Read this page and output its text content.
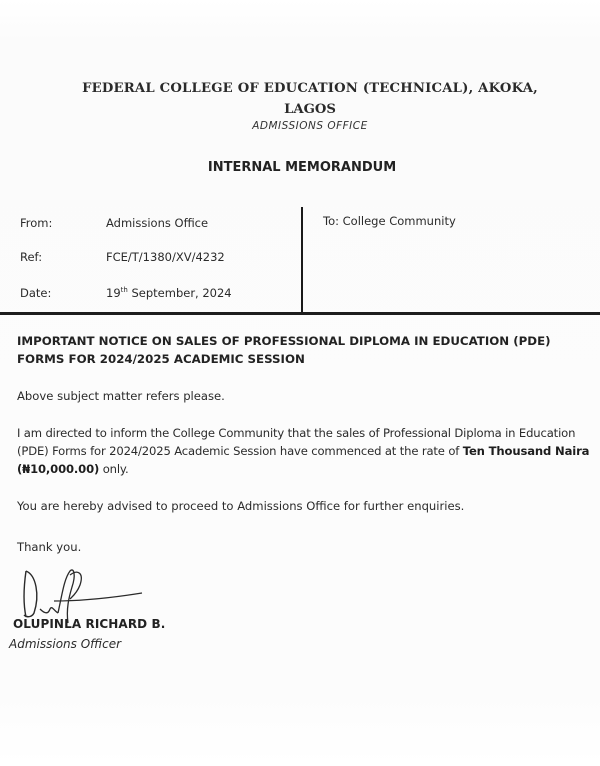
FEDERAL COLLEGE OF EDUCATION (TECHNICAL), AKOKA,
LAGOS
ADMISSIONS OFFICE
INTERNAL MEMORANDUM
From:	Admissions Office
Ref:	FCE/T/1380/XV/4232
Date:	19th September, 2024
To: College Community
IMPORTANT NOTICE ON SALES OF PROFESSIONAL DIPLOMA IN EDUCATION (PDE) FORMS FOR 2024/2025 ACADEMIC SESSION
Above subject matter refers please.
I am directed to inform the College Community that the sales of Professional Diploma in Education (PDE) Forms for 2024/2025 Academic Session have commenced at the rate of Ten Thousand Naira (₦10,000.00) only.
You are hereby advised to proceed to Admissions Office for further enquiries.
Thank you.
OLUPINLA RICHARD B.
Admissions Officer
